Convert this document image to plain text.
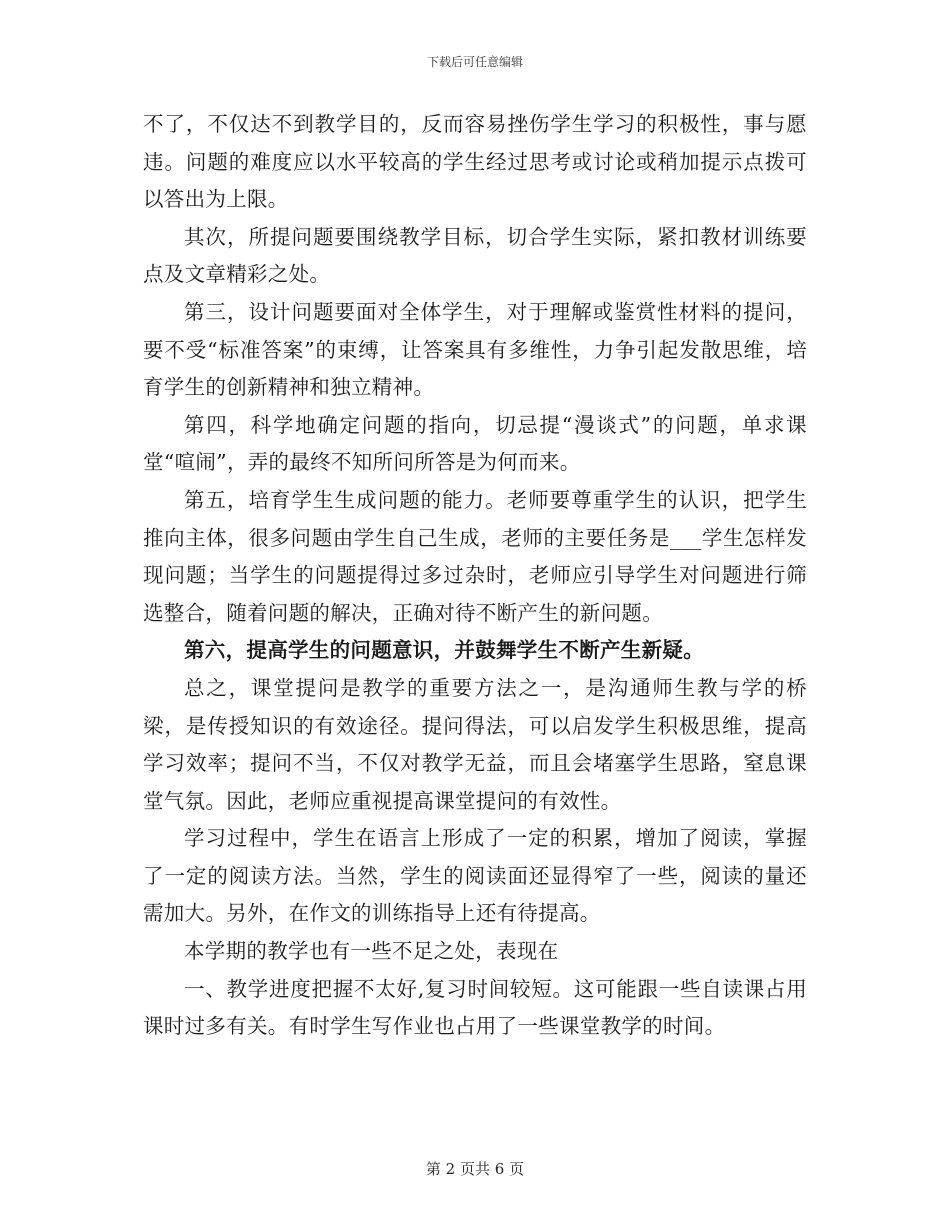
下载后可任意编辑

不了，不仅达不到教学目的，反而容易挫伤学生学习的积极性，事与愿违。问题的难度应以水平较高的学生经过思考或讨论或稍加提示点拨可以答出为上限。

其次，所提问题要围绕教学目标，切合学生实际，紧扣教材训练要点及文章精彩之处。

第三，设计问题要面对全体学生，对于理解或鉴赏性材料的提问，要不受“标准答案”的束缚，让答案具有多维性，力争引起发散思维，培育学生的创新精神和独立精神。

第四，科学地确定问题的指向，切忌提“漫谈式”的问题，单求课堂“喧闹”，弄的最终不知所问所答是为何而来。

第五，培育学生生成问题的能力。老师要尊重学生的认识，把学生推向主体，很多问题由学生自己生成，老师的主要任务是___学生怎样发现问题；当学生的问题提得过多过杂时，老师应引导学生对问题进行筛选整合，随着问题的解决，正确对待不断产生的新问题。

第六，提高学生的问题意识，并鼓舞学生不断产生新疑。

总之，课堂提问是教学的重要方法之一，是沟通师生教与学的桥梁，是传授知识的有效途径。提问得法，可以启发学生积极思维，提高学习效率；提问不当，不仅对教学无益，而且会堵塞学生思路，窒息课堂气氛。因此，老师应重视提高课堂提问的有效性。

学习过程中，学生在语言上形成了一定的积累，增加了阅读，掌握了一定的阅读方法。当然，学生的阅读面还显得窄了一些，阅读的量还需加大。另外，在作文的训练指导上还有待提高。

本学期的教学也有一些不足之处，表现在

一、教学进度把握不太好,复习时间较短。这可能跟一些自读课占用课时过多有关。有时学生写作业也占用了一些课堂教学的时间。

第 2 页共 6 页
